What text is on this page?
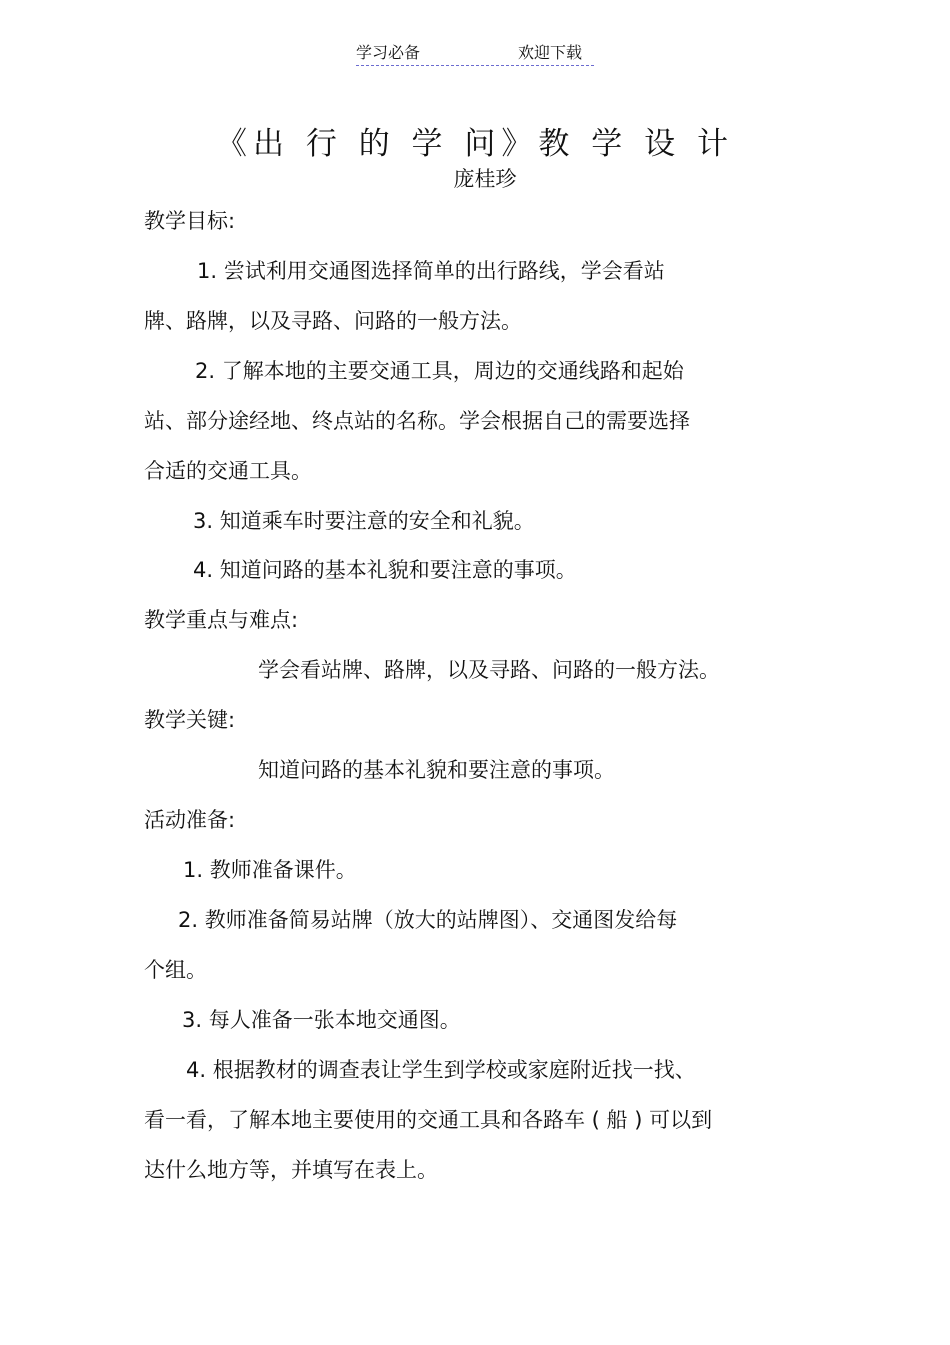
学习必备	欢迎下载
《出 行 的 学 问》教 学 设 计
庞桂珍
教学目标:
1. 尝试利用交通图选择简单的出行路线，学会看站
牌、路牌，以及寻路、问路的一般方法。
2. 了解本地的主要交通工具，周边的交通线路和起始
站、部分途经地、终点站的名称。学会根据自己的需要选择
合适的交通工具。
3. 知道乘车时要注意的安全和礼貌。
4. 知道问路的基本礼貌和要注意的事项。
教学重点与难点:
学会看站牌、路牌，以及寻路、问路的一般方法。
教学关键:
知道问路的基本礼貌和要注意的事项。
活动准备:
1. 教师准备课件。
2. 教师准备简易站牌（放大的站牌图）、交通图发给每
个组。
3. 每人准备一张本地交通图。
4. 根据教材的调查表让学生到学校或家庭附近找一找、
看一看，了解本地主要使用的交通工具和各路车 ( 船 ) 可以到
达什么地方等，并填写在表上。
